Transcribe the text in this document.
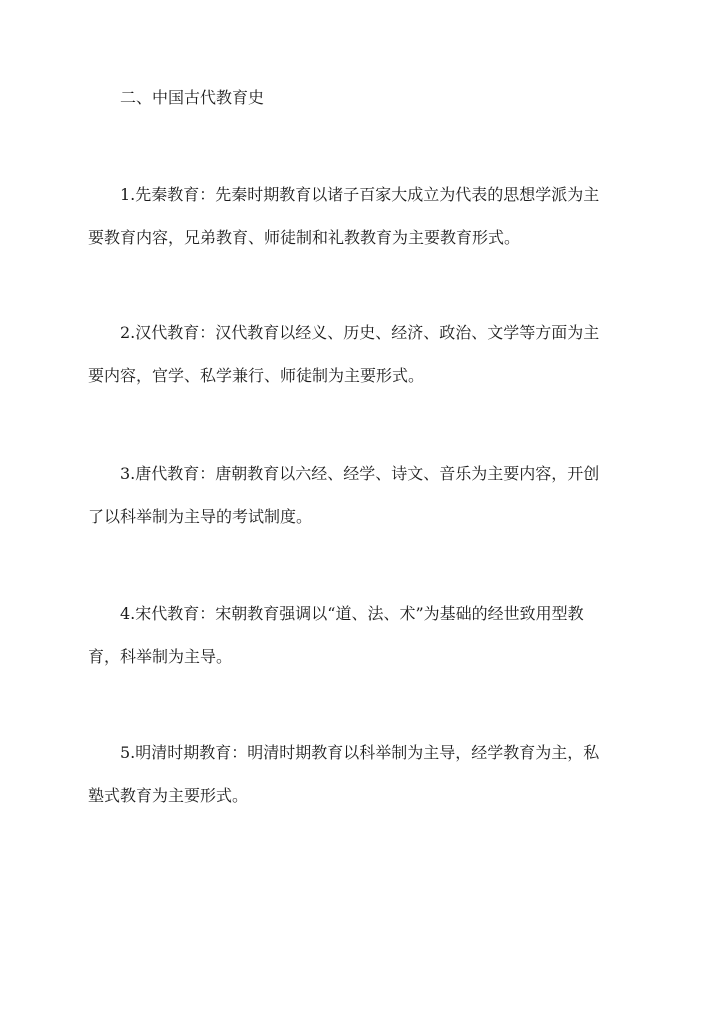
二、中国古代教育史

1.先秦教育：先秦时期教育以诸子百家大成立为代表的思想学派为主
要教育内容，兄弟教育、师徒制和礼教教育为主要教育形式。

2.汉代教育：汉代教育以经义、历史、经济、政治、文学等方面为主
要内容，官学、私学兼行、师徒制为主要形式。

3.唐代教育：唐朝教育以六经、经学、诗文、音乐为主要内容，开创
了以科举制为主导的考试制度。

4.宋代教育：宋朝教育强调以“道、法、术”为基础的经世致用型教
育，科举制为主导。

5.明清时期教育：明清时期教育以科举制为主导，经学教育为主，私
塾式教育为主要形式。
